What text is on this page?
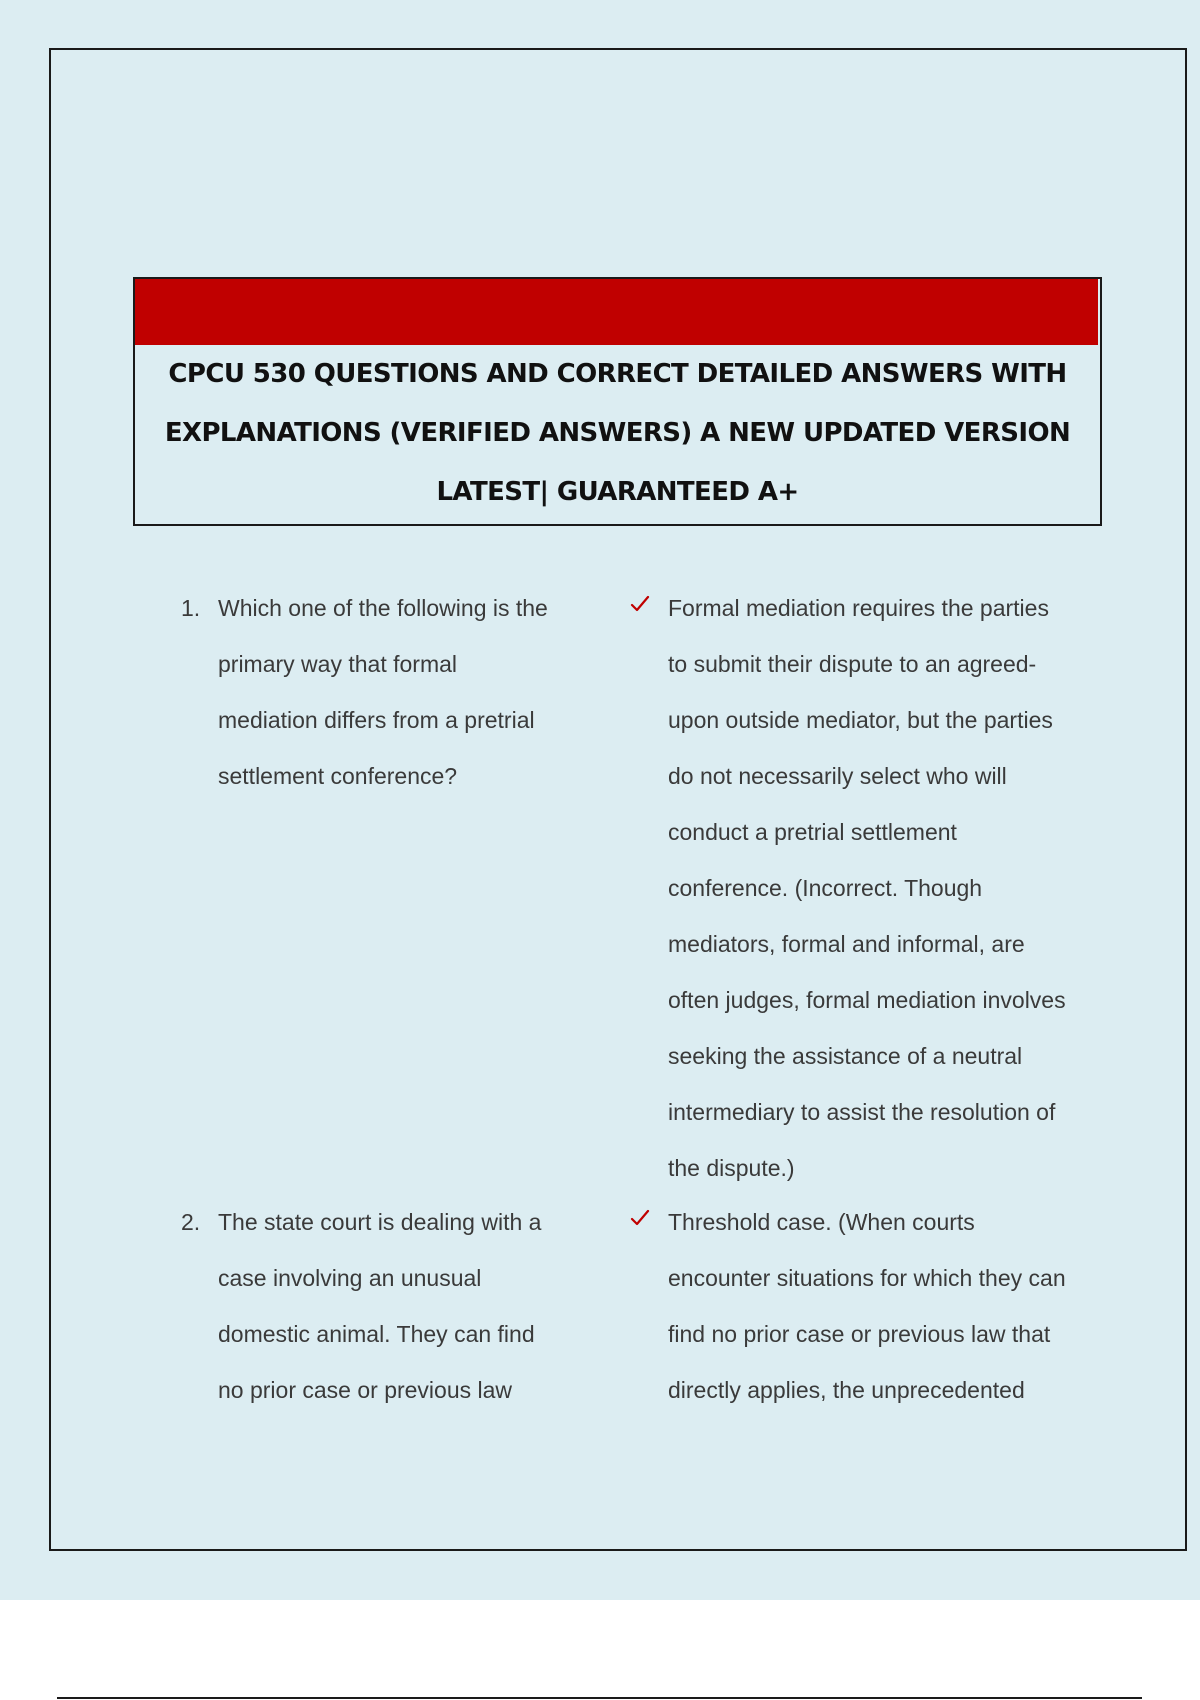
CPCU 530 QUESTIONS AND CORRECT DETAILED ANSWERS WITH
EXPLANATIONS (VERIFIED ANSWERS) A NEW UPDATED VERSION
LATEST| GUARANTEED A+
1. Which one of the following is the
primary way that formal
mediation differs from a pretrial
settlement conference?
Formal mediation requires the parties
to submit their dispute to an agreed-
upon outside mediator, but the parties
do not necessarily select who will
conduct a pretrial settlement
conference. (Incorrect. Though
mediators, formal and informal, are
often judges, formal mediation involves
seeking the assistance of a neutral
intermediary to assist the resolution of
the dispute.)
2. The state court is dealing with a
case involving an unusual
domestic animal. They can find
no prior case or previous law
Threshold case. (When courts
encounter situations for which they can
find no prior case or previous law that
directly applies, the unprecedented
